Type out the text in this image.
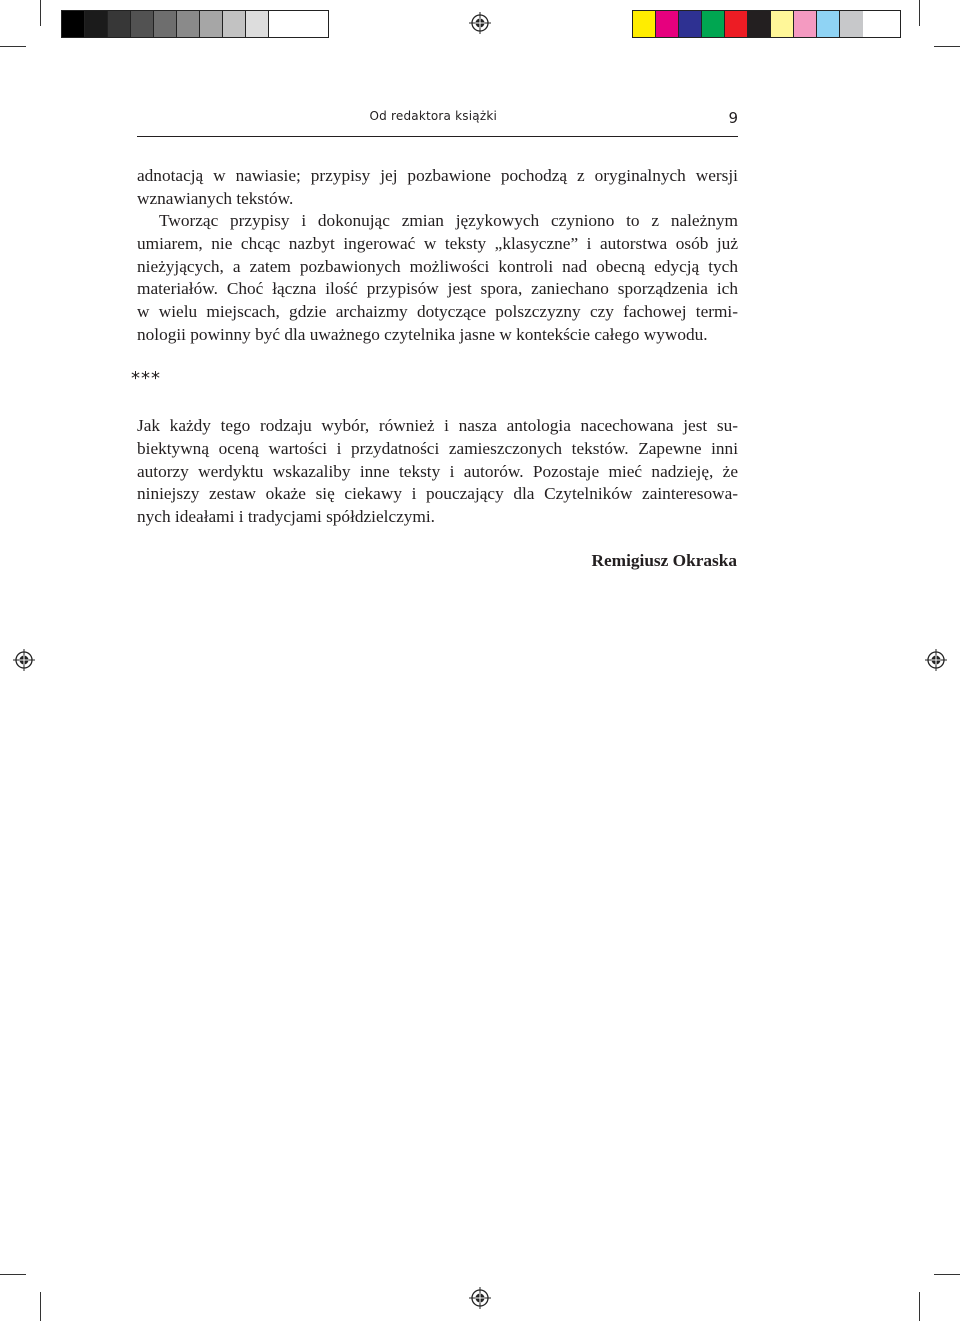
Od redaktora książki	9

adnotacją w nawiasie; przypisy jej pozbawione pochodzą z oryginalnych wersji
wznawianych tekstów.

Tworząc przypisy i dokonując zmian językowych czyniono to z należnym
umiarem, nie chcąc nazbyt ingerować w teksty „klasyczne” i autorstwa osób już
nieżyjących, a zatem pozbawionych możliwości kontroli nad obecną edycją tych
materiałów. Choć łączna ilość przypisów jest spora, zaniechano sporządzenia ich
w wielu miejscach, gdzie archaizmy dotyczące polszczyzny czy fachowej termi-
nologii powinny być dla uważnego czytelnika jasne w kontekście całego wywodu.

***

Jak każdy tego rodzaju wybór, również i nasza antologia nacechowana jest su-
biektywną oceną wartości i przydatności zamieszczonych tekstów. Zapewne inni
autorzy werdyktu wskazaliby inne teksty i autorów. Pozostaje mieć nadzieję, że
niniejszy zestaw okaże się ciekawy i pouczający dla Czytelników zainteresowa-
nych ideałami i tradycjami spółdzielczymi.

Remigiusz Okraska
